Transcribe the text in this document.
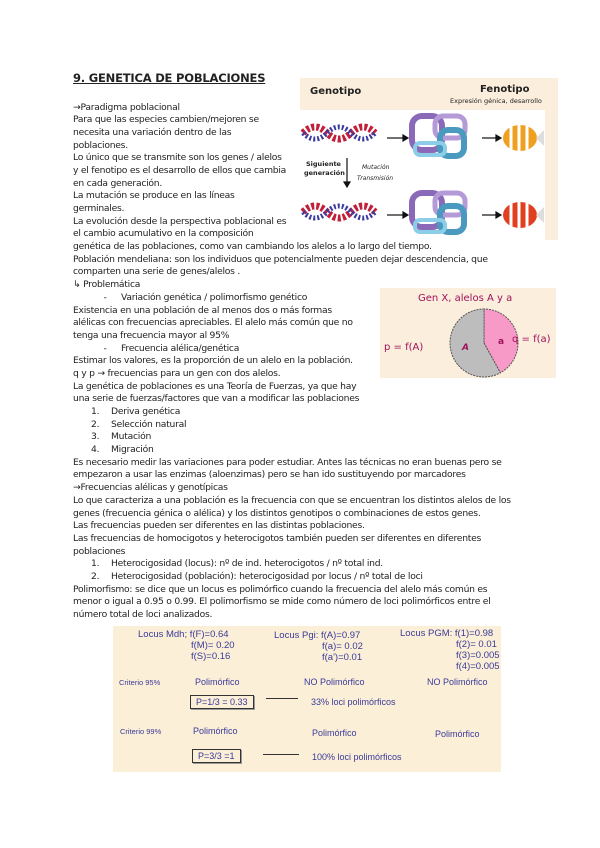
9. GENETICA DE POBLACIONES
→Paradigma poblacional
Para que las especies cambien/mejoren se
necesita una variación dentro de las
poblaciones.
Lo único que se transmite son los genes / alelos
y el fenotipo es el desarrollo de ellos que cambia
en cada generación.
La mutación se produce en las líneas
germinales.
La evolución desde la perspectiva poblacional es
el cambio acumulativo en la composición
genética de las poblaciones, como van cambiando los alelos a lo largo del tiempo.
Población mendeliana: son los individuos que potencialmente pueden dejar descendencia, que
comparten una serie de genes/alelos .
↳ Problemática
- Variación genética / polimorfismo genético
Existencia en una población de al menos dos o más formas
alélicas con frecuencias apreciables. El alelo más común que no
tenga una frecuencia mayor al 95%
- Frecuencia alélica/genética
Estimar los valores, es la proporción de un alelo en la población.
q y p → frecuencias para un gen con dos alelos.
La genética de poblaciones es una Teoría de Fuerzas, ya que hay
una serie de fuerzas/factores que van a modificar las poblaciones
1. Deriva genética
2. Selección natural
3. Mutación
4. Migración
Es necesario medir las variaciones para poder estudiar. Antes las técnicas no eran buenas pero se
empezaron a usar las enzimas (aloenzimas) pero se han ido sustituyendo por marcadores
→Frecuencias alélicas y genotípicas
Lo que caracteriza a una población es la frecuencia con que se encuentran los distintos alelos de los
genes (frecuencia génica o alélica) y los distintos genotipos o combinaciones de estos genes.
Las frecuencias pueden ser diferentes en las distintas poblaciones.
Las frecuencias de homocigotos y heterocigotos también pueden ser diferentes en diferentes
poblaciones
1. Heterocigosidad (locus): nº de ind. heterocigotos / nº total ind.
2. Heterocigosidad (población): heterocigosidad por locus / nº total de loci
Polimorfismo: se dice que un locus es polimórfico cuando la frecuencia del alelo más común es
menor o igual a 0.95 o 0.99. El polimorfismo se mide como número de loci polimórficos entre el
número total de loci analizados.
Genotipo	Fenotipo
Expresión génica, desarrollo
Siguiente
generación
Mutación
Transmisión
Gen X, alelos A y a
p = f(A)
q = f(a)
A
a
Locus Mdh; f(F)=0.64
f(M)= 0.20
f(S)=0.16
Locus Pgi: f(A)=0.97
f(a)= 0.02
f(a')=0.01
Locus PGM: f(1)=0.98
f(2)= 0.01
f(3)=0.005
f(4)=0.005
Criterio 95%	Polimórfico	NO Polimórfico	NO Polimórfico
P=1/3 = 0.33	33% loci polimórficos
Criterio 99%	Polimórfico	Polimórfico	Polimórfico
P=3/3 =1	100% loci polimórficos
